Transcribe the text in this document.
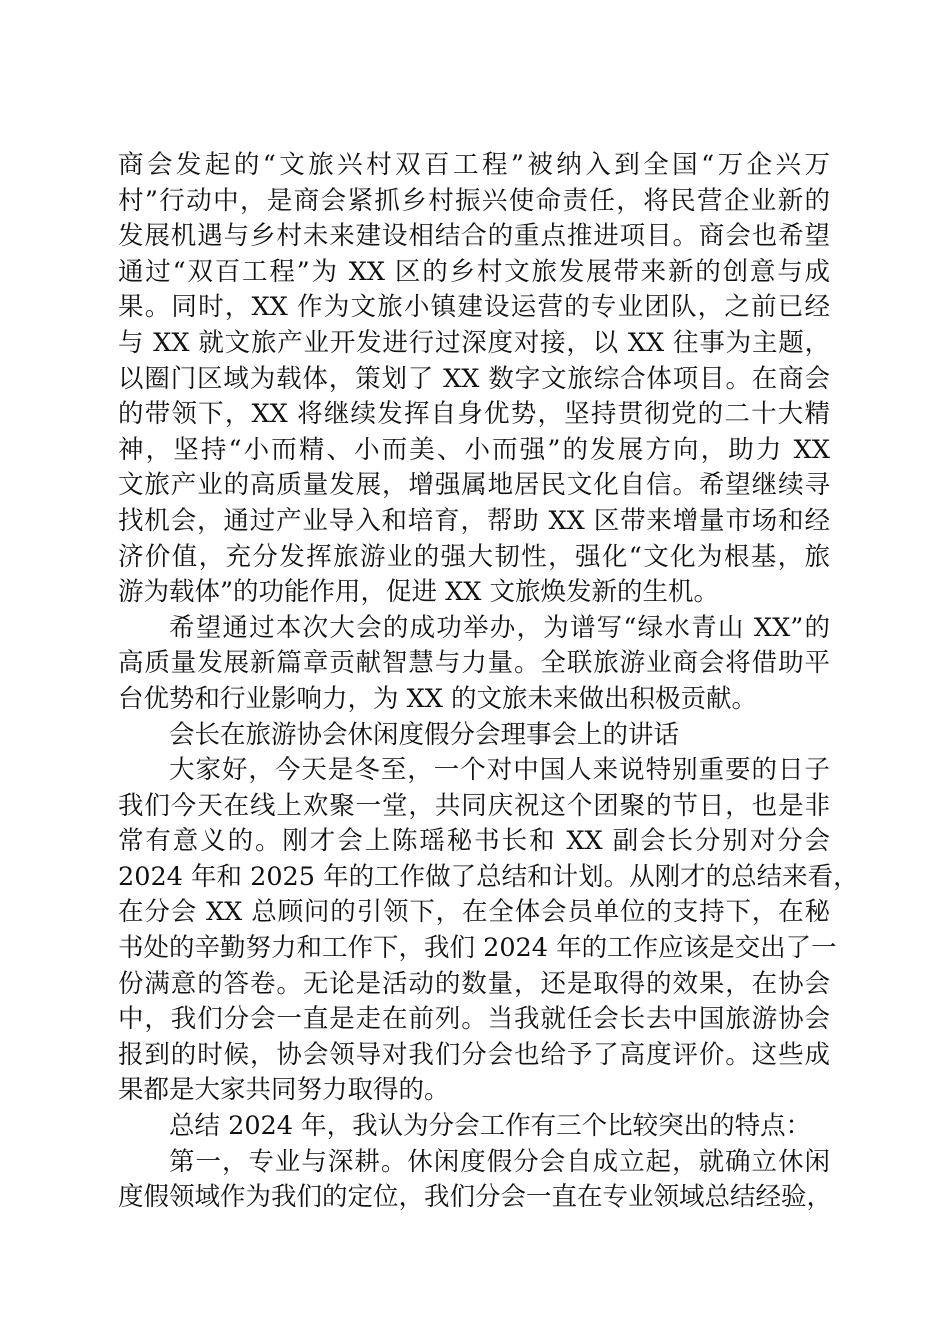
商会发起的“文旅兴村双百工程”被纳入到全国“万企兴万
村”行动中，是商会紧抓乡村振兴使命责任，将民营企业新的
发展机遇与乡村未来建设相结合的重点推进项目。商会也希望
通过“双百工程”为 XX 区的乡村文旅发展带来新的创意与成
果。同时，XX 作为文旅小镇建设运营的专业团队，之前已经
与 XX 就文旅产业开发进行过深度对接，以 XX 往事为主题，
以圈门区域为载体，策划了 XX 数字文旅综合体项目。在商会
的带领下，XX 将继续发挥自身优势，坚持贯彻党的二十大精
神，坚持“小而精、小而美、小而强”的发展方向，助力 XX
文旅产业的高质量发展，增强属地居民文化自信。希望继续寻
找机会，通过产业导入和培育，帮助 XX 区带来增量市场和经
济价值，充分发挥旅游业的强大韧性，强化“文化为根基，旅
游为载体”的功能作用，促进 XX 文旅焕发新的生机。
希望通过本次大会的成功举办，为谱写“绿水青山 XX”的
高质量发展新篇章贡献智慧与力量。全联旅游业商会将借助平
台优势和行业影响力，为 XX 的文旅未来做出积极贡献。
会长在旅游协会休闲度假分会理事会上的讲话
大家好，今天是冬至，一个对中国人来说特别重要的日子
我们今天在线上欢聚一堂，共同庆祝这个团聚的节日，也是非
常有意义的。刚才会上陈瑶秘书长和 XX 副会长分别对分会
2024 年和 2025 年的工作做了总结和计划。从刚才的总结来看，
在分会 XX 总顾问的引领下，在全体会员单位的支持下，在秘
书处的辛勤努力和工作下，我们 2024 年的工作应该是交出了一
份满意的答卷。无论是活动的数量，还是取得的效果，在协会
中，我们分会一直是走在前列。当我就任会长去中国旅游协会
报到的时候，协会领导对我们分会也给予了高度评价。这些成
果都是大家共同努力取得的。
总结 2024 年，我认为分会工作有三个比较突出的特点：
第一，专业与深耕。休闲度假分会自成立起，就确立休闲
度假领域作为我们的定位，我们分会一直在专业领域总结经验，
